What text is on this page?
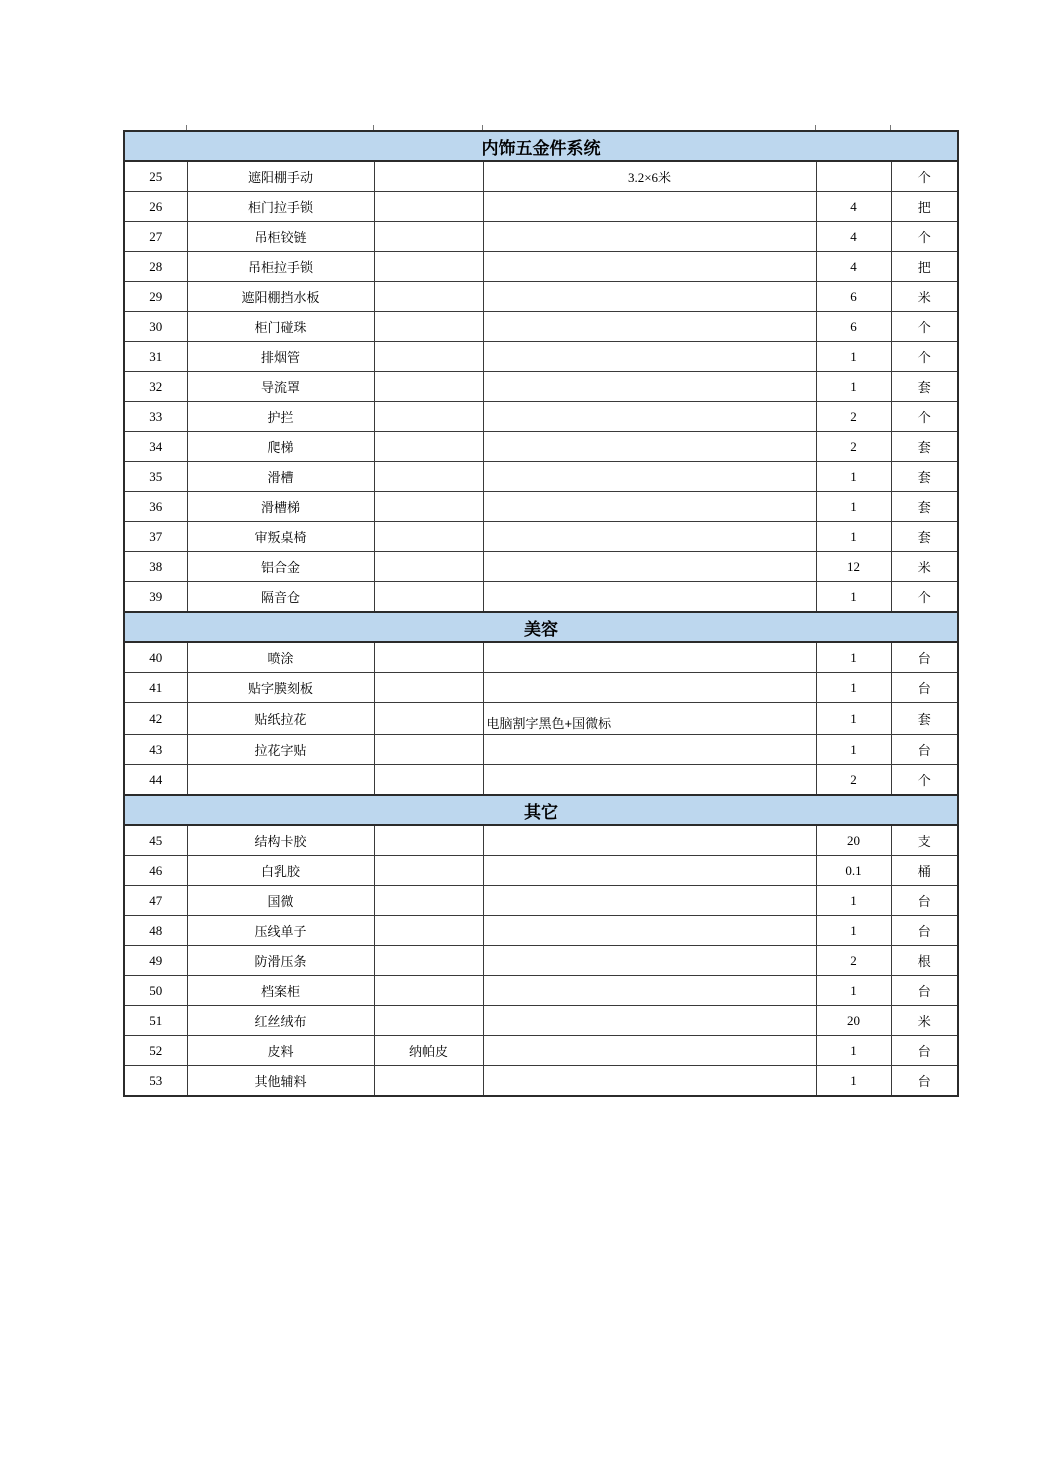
内饰五金件系统					
25	遮阳棚手动		3.2×6米		个
26	柜门拉手锁			4	把
27	吊柜铰链			4	个
28	吊柜拉手锁			4	把
29	遮阳棚挡水板			6	米
30	柜门碰珠			6	个
31	排烟管			1	个
32	导流罩			1	套
33	护拦			2	个
34	爬梯			2	套
35	滑槽			1	套
36	滑槽梯			1	套
37	审叛桌椅			1	套
38	铝合金			12	米
39	隔音仓			1	个
美容					
40	喷涂			1	台
41	贴字膜刻板			1	台
42	贴纸拉花		电脑割字黑色+国微标	1	套
43	拉花字贴			1	台
44				2	个
其它					
45	结构卡胶			20	支
46	白乳胶			0.1	桶
47	国微			1	台
48	压线单子			1	台
49	防滑压条			2	根
50	档案柜			1	台
51	红丝绒布			20	米
52	皮料	纳帕皮		1	台
53	其他辅料			1	台
